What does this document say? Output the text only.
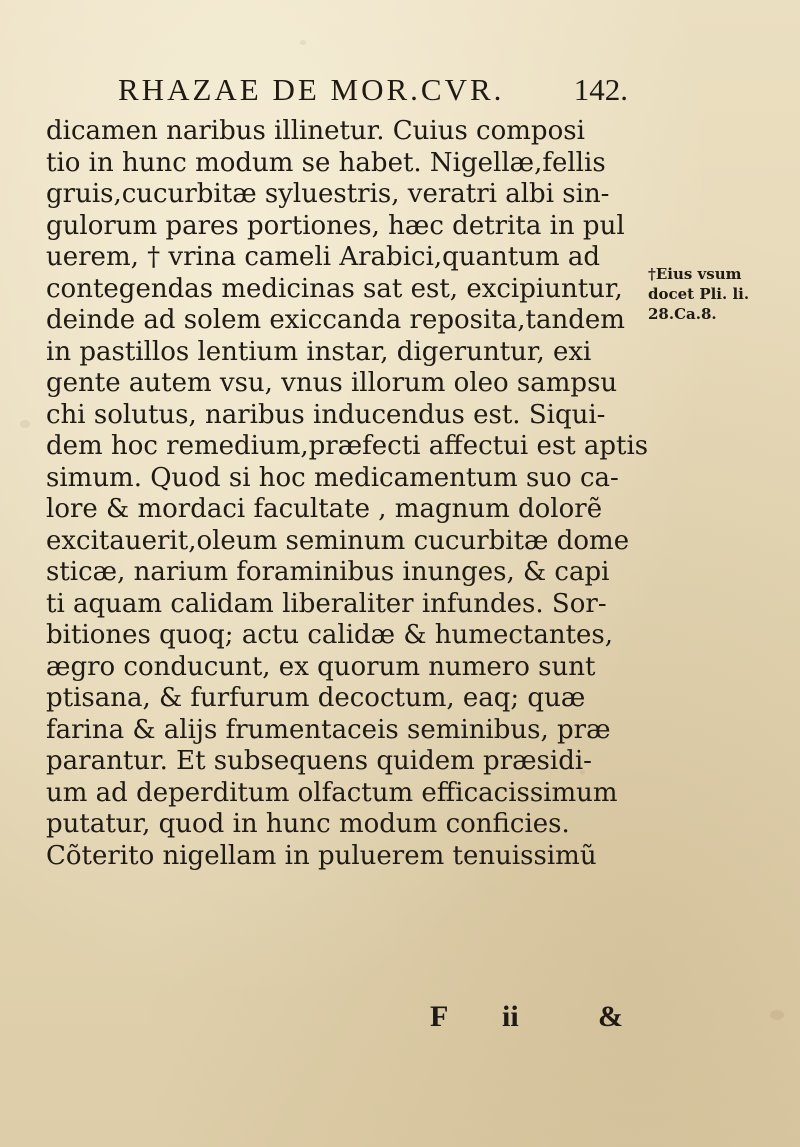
RHAZAE DE MOR.CVR. 142.
dicamen naribus illinetur. Cuius composi
tio in hunc modum se habet. Nigellæ,fellis
gruis,cucurbitæ syluestris, veratri albi sin-
gulorum pares portiones, hæc detrita in pul
uerem, † vrina cameli Arabici,quantum ad
contegendas medicinas sat est, excipiuntur,
deinde ad solem exiccanda reposita,tandem
in pastillos lentium instar, digeruntur, exi
gente autem vsu, vnus illorum oleo sampsu
chi solutus, naribus inducendus est. Siqui-
dem hoc remedium,præfecti affectui est aptis
simum. Quod si hoc medicamentum suo ca-
lore & mordaci facultate , magnum dolorẽ
excitauerit,oleum seminum cucurbitæ dome
sticæ, narium foraminibus inunges, & capi
ti aquam calidam liberaliter infundes. Sor-
bitiones quoq; actu calidæ & humectantes,
ægro conducunt, ex quorum numero sunt
ptisana, & furfurum decoctum, eaq; quæ
farina & alijs frumentaceis seminibus, præ
parantur. Et subsequens quidem præsidi-
um ad deperditum olfactum efficacissimum
putatur, quod in hunc modum conficies.
Cõterito nigellam in puluerem tenuissimũ
†Eius vsum
docet Pli. li.
28.Ca.8.
F ii	&
